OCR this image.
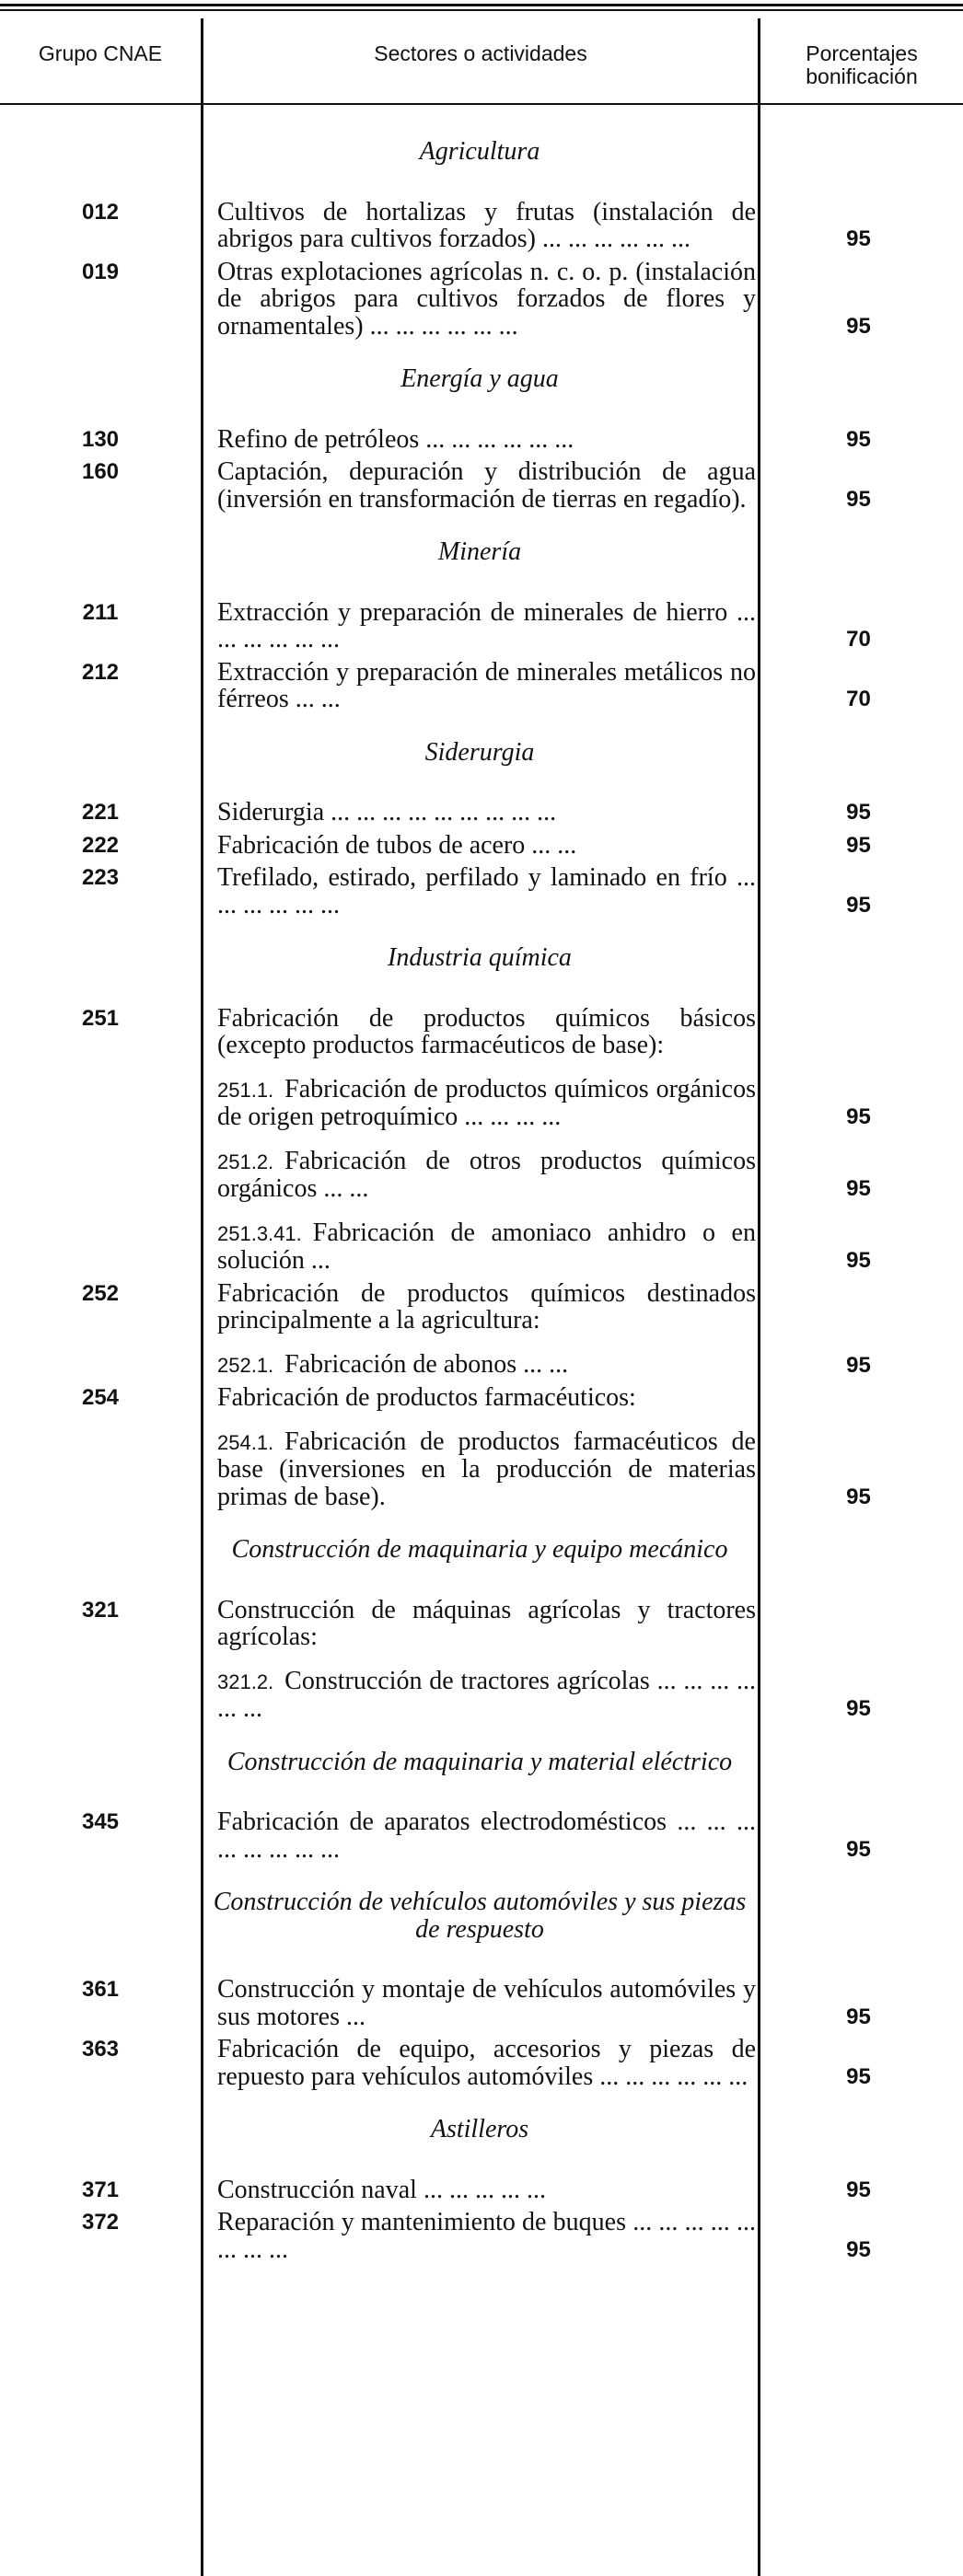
Grupo CNAE	Sectores o actividades	Porcentajes bonificación
Agricultura
012	Cultivos de hortalizas y frutas (instalación de abrigos para cultivos forzados) ... ... ... ... ... ...	95
019	Otras explotaciones agrícolas n. c. o. p. (instalación de abrigos para cultivos forzados de flores y ornamentales) ... ... ... ... ... ...	95
Energía y agua
130	Refino de petróleos ... ... ... ... ... ...	95
160	Captación, depuración y distribución de agua (inversión en transformación de tierras en regadío).	95
Minería
211	Extracción y preparación de minerales de hierro ... ... ... ... ... ...	70
212	Extracción y preparación de minerales metálicos no férreos ... ...	70
Siderurgia
221	Siderurgia ... ... ... ... ... ... ... ... ...	95
222	Fabricación de tubos de acero ... ...	95
223	Trefilado, estirado, perfilado y laminado en frío ... ... ... ... ... ...	95
Industria química
251	Fabricación de productos químicos básicos (excepto productos farmacéuticos de base):
251.1. Fabricación de productos químicos orgánicos de origen petroquímico ... ... ... ...	95
251.2. Fabricación de otros productos químicos orgánicos ... ...	95
251.3.41. Fabricación de amoniaco anhidro o en solución ...	95
252	Fabricación de productos químicos destinados principalmente a la agricultura:
252.1. Fabricación de abonos ... ...	95
254	Fabricación de productos farmacéuticos:
254.1. Fabricación de productos farmacéuticos de base (inversiones en la producción de materias primas de base).	95
Construcción de maquinaria y equipo mecánico
321	Construcción de máquinas agrícolas y tractores agrícolas:
321.2. Construcción de tractores agrícolas ... ... ... ... ... ...	95
Construcción de maquinaria y material eléctrico
345	Fabricación de aparatos electrodomésticos ... ... ... ... ... ... ... ...	95
Construcción de vehículos automóviles y sus piezas de respuesto
361	Construcción y montaje de vehículos automóviles y sus motores ...	95
363	Fabricación de equipo, accesorios y piezas de repuesto para vehículos automóviles ... ... ... ... ... ...	95
Astilleros
371	Construcción naval ... ... ... ... ...	95
372	Reparación y mantenimiento de buques ... ... ... ... ... ... ... ...	95
